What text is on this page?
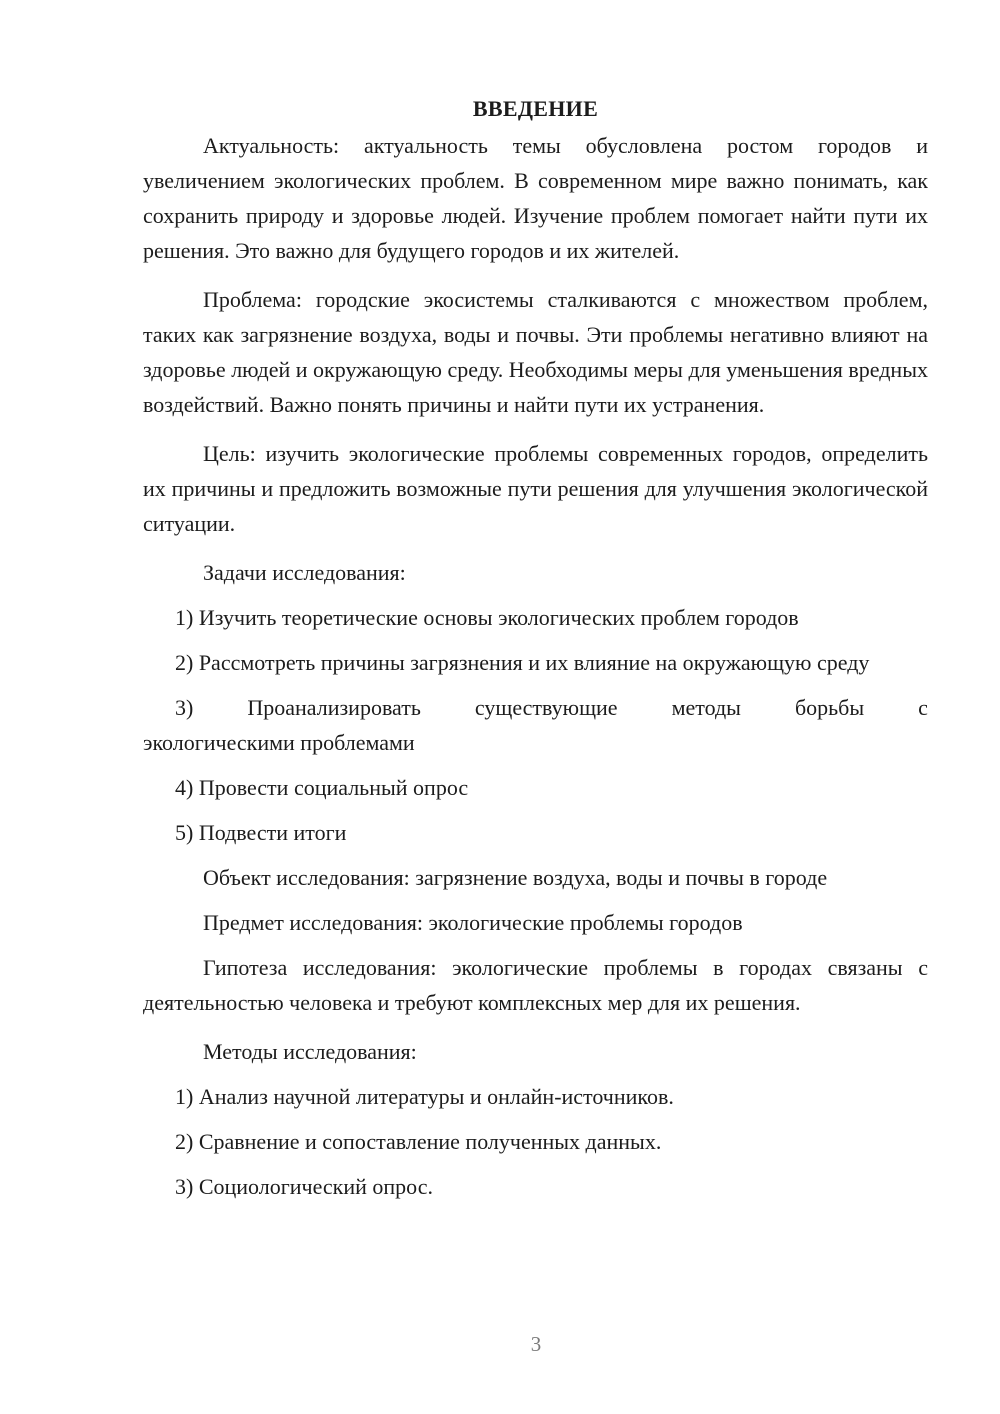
ВВЕДЕНИЕ

Актуальность: актуальность темы обусловлена ростом городов и увеличением экологических проблем. В современном мире важно понимать, как сохранить природу и здоровье людей. Изучение проблем помогает найти пути их решения. Это важно для будущего городов и их жителей.

Проблема: городские экосистемы сталкиваются с множеством проблем, таких как загрязнение воздуха, воды и почвы. Эти проблемы негативно влияют на здоровье людей и окружающую среду. Необходимы меры для уменьшения вредных воздействий. Важно понять причины и найти пути их устранения.

Цель: изучить экологические проблемы современных городов, определить их причины и предложить возможные пути решения для улучшения экологической ситуации.

Задачи исследования:

1) Изучить теоретические основы экологических проблем городов

2) Рассмотреть причины загрязнения и их влияние на окружающую среду

3) Проанализировать существующие методы борьбы с
экологическими проблемами

4) Провести социальный опрос

5) Подвести итоги

Объект исследования: загрязнение воздуха, воды и почвы в городе
Предмет исследования: экологические проблемы городов

Гипотеза исследования: экологические проблемы в городах связаны с деятельностью человека и требуют комплексных мер для их решения.

Методы исследования:

1) Анализ научной литературы и онлайн-источников.

2) Сравнение и сопоставление полученных данных.

3) Социологический опрос.

3
